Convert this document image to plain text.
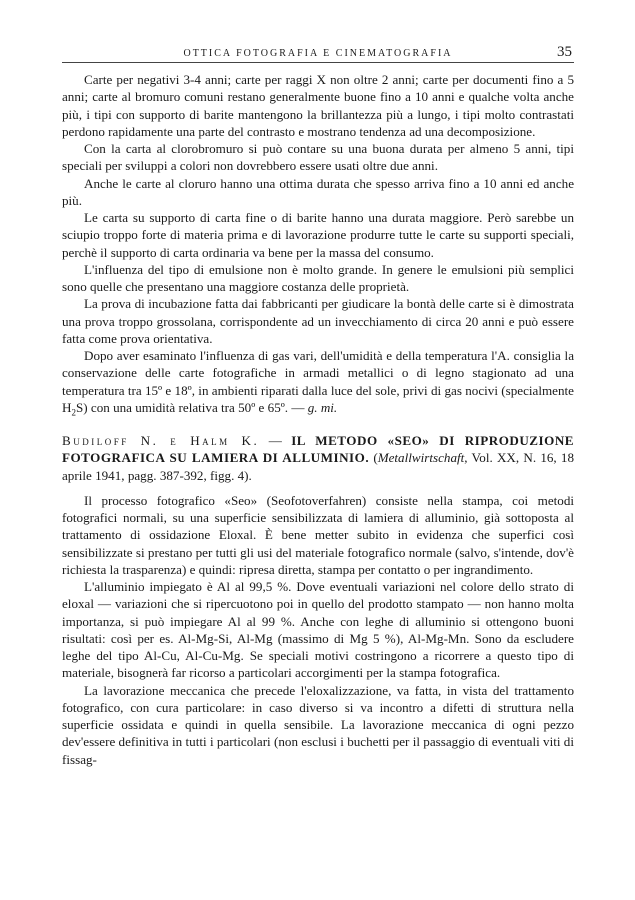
OTTICA FOTOGRAFIA E CINEMATOGRAFIA	35

Carte per negativi 3-4 anni; carte per raggi X non oltre 2 anni; carte per documenti fino a 5 anni; carte al bromuro comuni restano generalmente buone fino a 10 anni e qualche volta anche più, i tipi con supporto di barite mantengono la brillantezza più a lungo, i tipi molto contrastati perdono rapidamente una parte del contrasto e mostrano tendenza ad una decomposizione.

Con la carta al clorobromuro si può contare su una buona durata per almeno 5 anni, tipi speciali per sviluppi a colori non dovrebbero essere usati oltre due anni.

Anche le carte al cloruro hanno una ottima durata che spesso arriva fino a 10 anni ed anche più.

Le carta su supporto di carta fine o di barite hanno una durata maggiore. Però sarebbe un sciupio troppo forte di materia prima e di lavorazione produrre tutte le carte su supporti speciali, perchè il supporto di carta ordinaria va bene per la massa del consumo.

L'influenza del tipo di emulsione non è molto grande. In genere le emulsioni più semplici sono quelle che presentano una maggiore costanza delle proprietà.

La prova di incubazione fatta dai fabbricanti per giudicare la bontà delle carte si è dimostrata una prova troppo grossolana, corrispondente ad un invecchiamento di circa 20 anni e può essere fatta come prova orientativa.

Dopo aver esaminato l'influenza di gas vari, dell'umidità e della temperatura l'A. consiglia la conservazione delle carte fotografiche in armadi metallici o di legno stagionato ad una temperatura tra 15º e 18º, in ambienti riparati dalla luce del sole, privi di gas nocivi (specialmente $H_2S$) con una umidità relativa tra 50º e 65º. — g. mi.

Budiloff N. e Halm K. — IL METODO «SEO» DI RIPRODUZIONE FOTOGRAFICA SU LAMIERA DI ALLUMINIO. (Metallwirtschaft, Vol. XX, N. 16, 18 aprile 1941, pagg. 387-392, figg. 4).

Il processo fotografico «Seo» (Seofotoverfahren) consiste nella stampa, coi metodi fotografici normali, su una superficie sensibilizzata di lamiera di alluminio, già sottoposta al trattamento di ossidazione Eloxal. È bene metter subito in evidenza che superfici così sensibilizzate si prestano per tutti gli usi del materiale fotografico normale (salvo, s'intende, dov'è richiesta la trasparenza) e quindi: ripresa diretta, stampa per contatto o per ingrandimento.

L'alluminio impiegato è Al al 99,5 %. Dove eventuali variazioni nel colore dello strato di eloxal — variazioni che si ripercuotono poi in quello del prodotto stampato — non hanno molta importanza, si può impiegare Al al 99 %. Anche con leghe di alluminio si ottengono buoni risultati: così per es. Al-Mg-Si, Al-Mg (massimo di Mg 5 %), Al-Mg-Mn. Sono da escludere leghe del tipo Al-Cu, Al-Cu-Mg. Se speciali motivi costringono a ricorrere a questo tipo di materiale, bisognerà far ricorso a particolari accorgimenti per la stampa fotografica.

La lavorazione meccanica che precede l'eloxalizzazione, va fatta, in vista del trattamento fotografico, con cura particolare: in caso diverso si va incontro a difetti di struttura nella superficie ossidata e quindi in quella sensibile. La lavorazione meccanica di ogni pezzo dev'essere definitiva in tutti i particolari (non esclusi i buchetti per il passaggio di eventuali viti di fissag-
